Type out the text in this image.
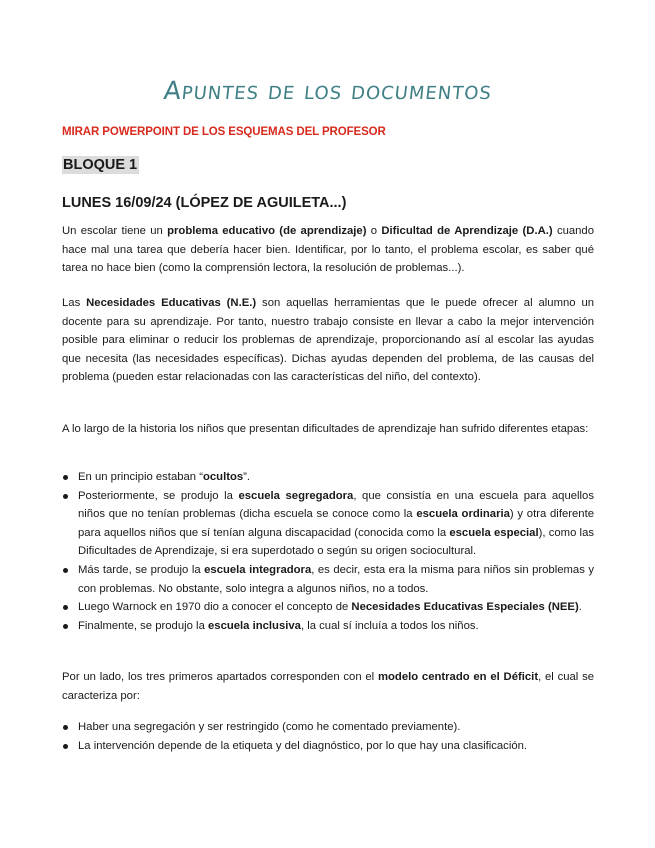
Apuntes de los documentos
MIRAR POWERPOINT DE LOS ESQUEMAS DEL PROFESOR
BLOQUE 1
LUNES 16/09/24 (LÓPEZ DE AGUILETA...)

Un escolar tiene un problema educativo (de aprendizaje) o Dificultad de Aprendizaje (D.A.) cuando hace mal una tarea que debería hacer bien. Identificar, por lo tanto, el problema escolar, es saber qué tarea no hace bien (como la comprensión lectora, la resolución de problemas...).

Las Necesidades Educativas (N.E.) son aquellas herramientas que le puede ofrecer al alumno un docente para su aprendizaje. Por tanto, nuestro trabajo consiste en llevar a cabo la mejor intervención posible para eliminar o reducir los problemas de aprendizaje, proporcionando así al escolar las ayudas que necesita (las necesidades específicas). Dichas ayudas dependen del problema, de las causas del problema (pueden estar relacionadas con las características del niño, del contexto).

A lo largo de la historia los niños que presentan dificultades de aprendizaje han sufrido diferentes etapas:

En un principio estaban “ocultos”.
Posteriormente, se produjo la escuela segregadora, que consistía en una escuela para aquellos niños que no tenían problemas (dicha escuela se conoce como la escuela ordinaria) y otra diferente para aquellos niños que sí tenían alguna discapacidad (conocida como la escuela especial), como las Dificultades de Aprendizaje, si era superdotado o según su origen sociocultural.
Más tarde, se produjo la escuela integradora, es decir, esta era la misma para niños sin problemas y con problemas. No obstante, solo integra a algunos niños, no a todos.
Luego Warnock en 1970 dio a conocer el concepto de Necesidades Educativas Especiales (NEE).
Finalmente, se produjo la escuela inclusiva, la cual sí incluía a todos los niños.

Por un lado, los tres primeros apartados corresponden con el modelo centrado en el Déficit, el cual se caracteriza por:

Haber una segregación y ser restringido (como he comentado previamente).
La intervención depende de la etiqueta y del diagnóstico, por lo que hay una clasificación.
